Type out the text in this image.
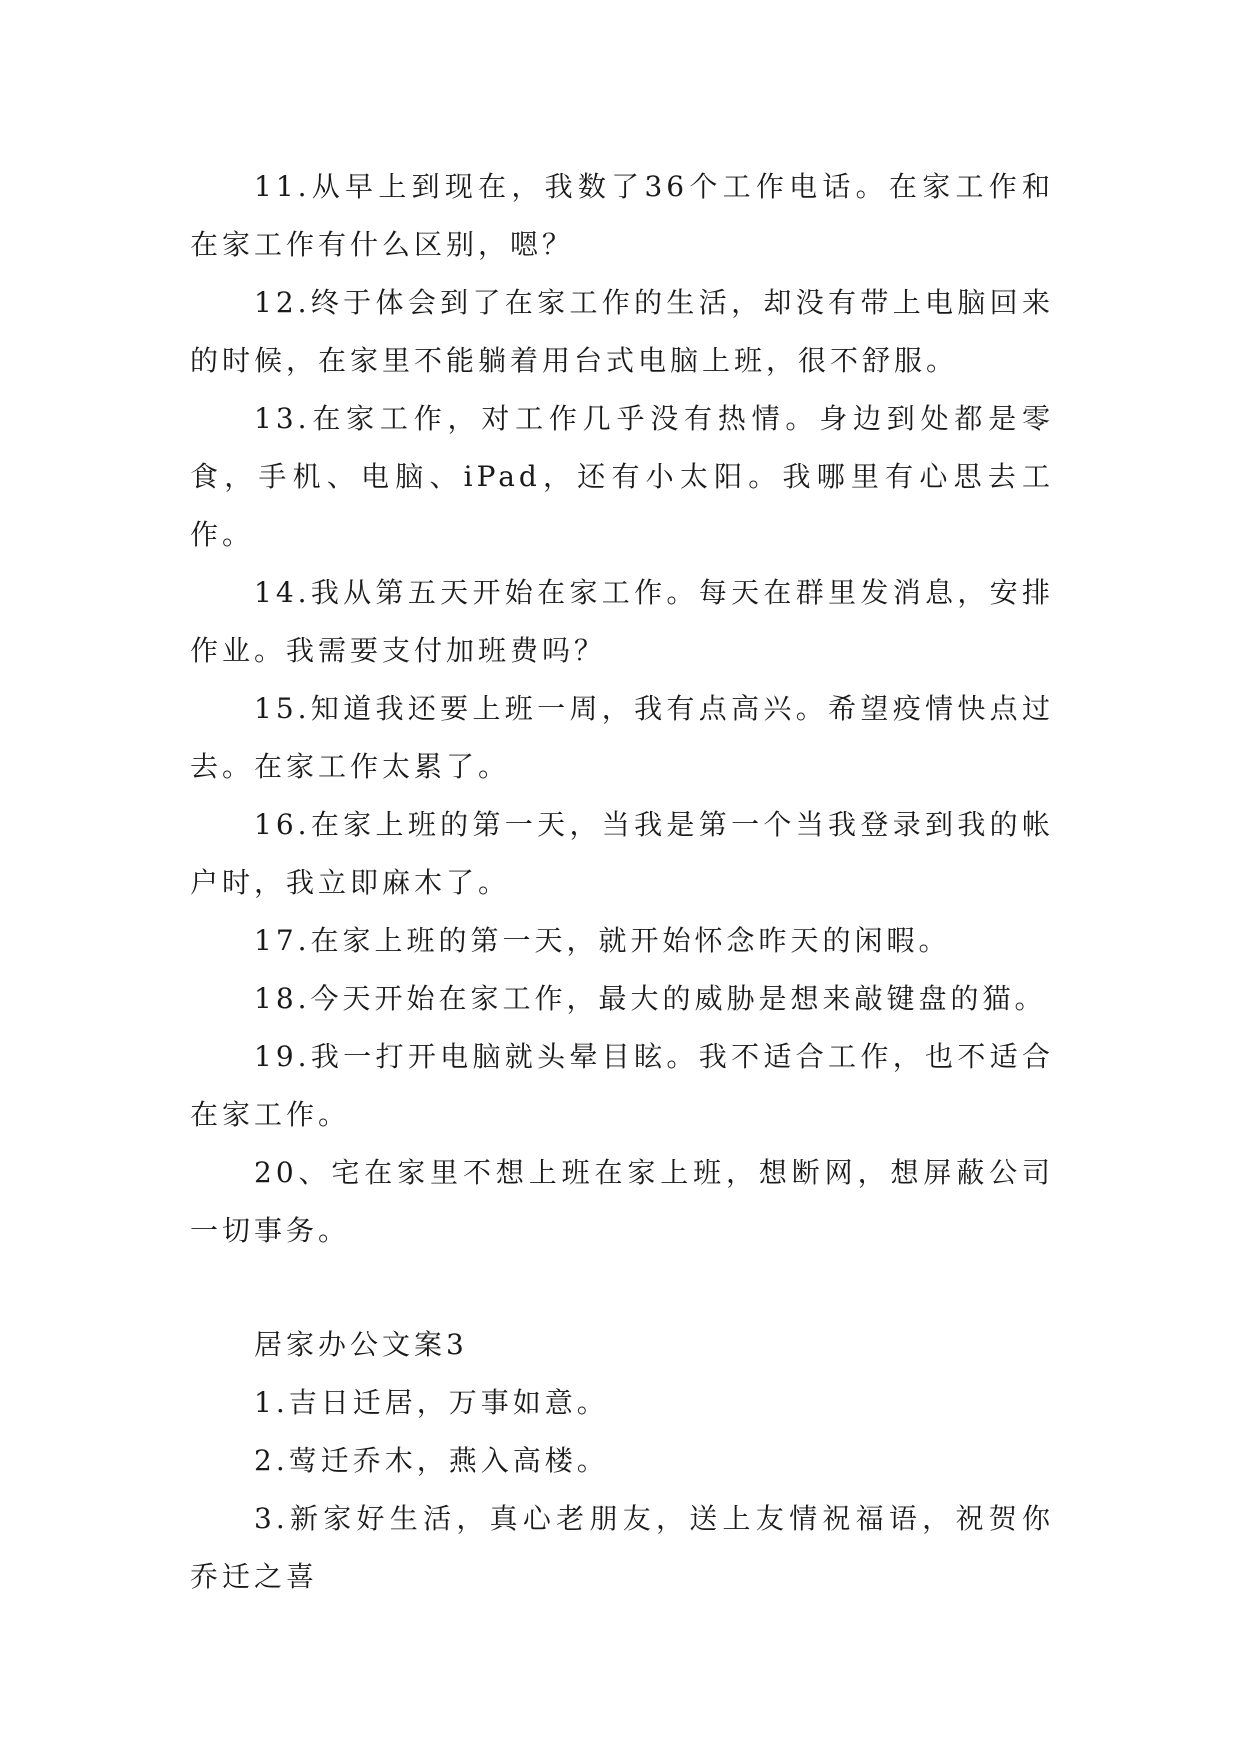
11.从早上到现在，我数了36个工作电话。在家工作和在家工作有什么区别，嗯？

12.终于体会到了在家工作的生活，却没有带上电脑回来的时候，在家里不能躺着用台式电脑上班，很不舒服。

13.在家工作，对工作几乎没有热情。身边到处都是零食，手机、电脑、iPad，还有小太阳。我哪里有心思去工作。

14.我从第五天开始在家工作。每天在群里发消息，安排作业。我需要支付加班费吗？

15.知道我还要上班一周，我有点高兴。希望疫情快点过去。在家工作太累了。

16.在家上班的第一天，当我是第一个当我登录到我的帐户时，我立即麻木了。

17.在家上班的第一天，就开始怀念昨天的闲暇。

18.今天开始在家工作，最大的威胁是想来敲键盘的猫。

19.我一打开电脑就头晕目眩。我不适合工作，也不适合在家工作。

20、宅在家里不想上班在家上班，想断网，想屏蔽公司一切事务。

居家办公文案3

1.吉日迁居，万事如意。

2.莺迁乔木，燕入高楼。

3.新家好生活，真心老朋友，送上友情祝福语，祝贺你乔迁之喜
